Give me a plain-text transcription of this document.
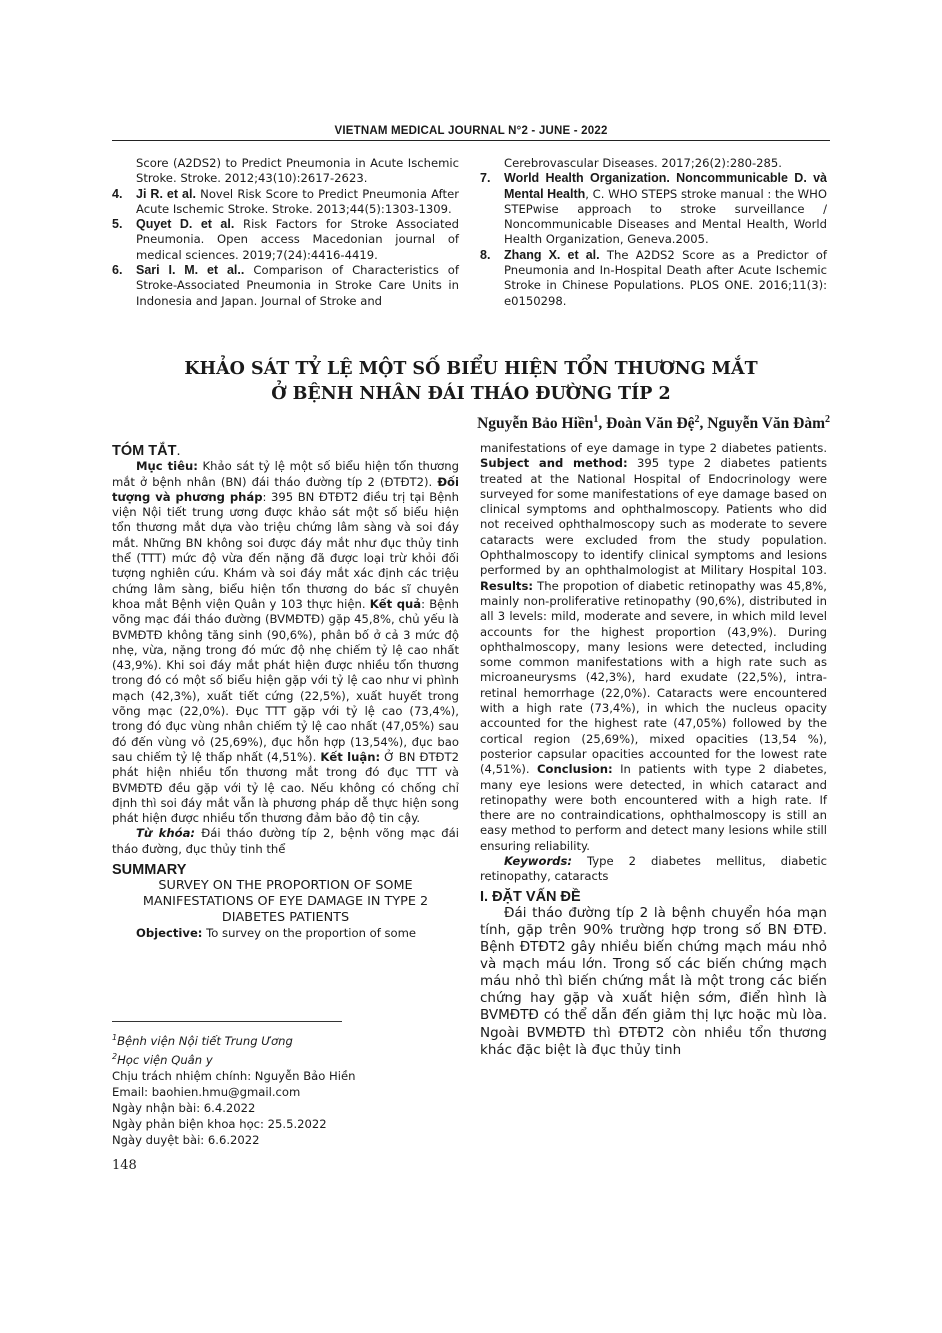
VIETNAM MEDICAL JOURNAL N°2 - JUNE - 2022
Score (A2DS2) to Predict Pneumonia in Acute Ischemic Stroke. Stroke. 2012;43(10):2617-2623.
4. Ji R. et al. Novel Risk Score to Predict Pneumonia After Acute Ischemic Stroke. Stroke. 2013;44(5):1303-1309.
5. Quyet D. et al. Risk Factors for Stroke Associated Pneumonia. Open access Macedonian journal of medical sciences. 2019;7(24):4416-4419.
6. Sari I. M. et al.. Comparison of Characteristics of Stroke-Associated Pneumonia in Stroke Care Units in Indonesia and Japan. Journal of Stroke and
Cerebrovascular Diseases. 2017;26(2):280-285.
7. World Health Organization. Noncommunicable D. và Mental Health, C. WHO STEPS stroke manual : the WHO STEPwise approach to stroke surveillance / Noncommunicable Diseases and Mental Health, World Health Organization, Geneva.2005.
8. Zhang X. et al. The A2DS2 Score as a Predictor of Pneumonia and In-Hospital Death after Acute Ischemic Stroke in Chinese Populations. PLOS ONE. 2016;11(3): e0150298.
KHẢO SÁT TỶ LỆ MỘT SỐ BIỂU HIỆN TỔN THƯƠNG MẮT
Ở BỆNH NHÂN ĐÁI THÁO ĐƯỜNG TÍP 2
Nguyễn Bảo Hiền$^1$, Đoàn Văn Đệ$^2$, Nguyễn Văn Đàm$^2$
TÓM TẮT.
Mục tiêu: Khảo sát tỷ lệ một số biểu hiện tổn thương mắt ở bệnh nhân (BN) đái tháo đường típ 2 (ĐTĐT2). Đối tượng và phương pháp: 395 BN ĐTĐT2 điều trị tại Bệnh viện Nội tiết trung ương được khảo sát một số biểu hiện tổn thương mắt dựa vào triệu chứng lâm sàng và soi đáy mắt. Những BN không soi được đáy mắt như đục thủy tinh thể (TTT) mức độ vừa đến nặng đã được loại trừ khỏi đối tượng nghiên cứu. Khám và soi đáy mắt xác định các triệu chứng lâm sàng, biểu hiện tổn thương do bác sĩ chuyên khoa mắt Bệnh viện Quân y 103 thực hiện. Kết quả: Bệnh võng mạc đái tháo đường (BVMĐTĐ) gặp 45,8%, chủ yếu là BVMĐTĐ không tăng sinh (90,6%), phân bố ở cả 3 mức độ nhẹ, vừa, nặng trong đó mức độ nhẹ chiếm tỷ lệ cao nhất (43,9%). Khi soi đáy mắt phát hiện được nhiều tổn thương trong đó có một số biểu hiện gặp với tỷ lệ cao như vi phình mạch (42,3%), xuất tiết cứng (22,5%), xuất huyết trong võng mạc (22,0%). Đục TTT gặp với tỷ lệ cao (73,4%), trong đó đục vùng nhân chiếm tỷ lệ cao nhất (47,05%) sau đó đến vùng vỏ (25,69%), đục hỗn hợp (13,54%), đục bao sau chiếm tỷ lệ thấp nhất (4,51%). Kết luận: Ở BN ĐTĐT2 phát hiện nhiều tổn thương mắt trong đó đục TTT và BVMĐTĐ đều gặp với tỷ lệ cao. Nếu không có chống chỉ định thì soi đáy mắt vẫn là phương pháp dễ thực hiện song phát hiện được nhiều tổn thương đảm bảo độ tin cậy.
Từ khóa: Đái tháo đường típ 2, bệnh võng mạc đái tháo đường, đục thủy tinh thể
SUMMARY
SURVEY ON THE PROPORTION OF SOME MANIFESTATIONS OF EYE DAMAGE IN TYPE 2 DIABETES PATIENTS
Objective: To survey on the proportion of some
manifestations of eye damage in type 2 diabetes patients. Subject and method: 395 type 2 diabetes patients treated at the National Hospital of Endocrinology were surveyed for some manifestations of eye damage based on clinical symptoms and ophthalmoscopy. Patients who did not received ophthalmoscopy such as moderate to severe cataracts were excluded from the study population. Ophthalmoscopy to identify clinical symptoms and lesions performed by an ophthalmologist at Military Hospital 103. Results: The propotion of diabetic retinopathy was 45,8%, mainly non-proliferative retinopathy (90,6%), distributed in all 3 levels: mild, moderate and severe, in which mild level accounts for the highest proportion (43,9%). During ophthalmoscopy, many lesions were detected, including some common manifestations with a high rate such as microaneurysms (42,3%), hard exudate (22,5%), intra-retinal hemorrhage (22,0%). Cataracts were encountered with a high rate (73,4%), in which the nucleus opacity accounted for the highest rate (47,05%) followed by the cortical region (25,69%), mixed opacities (13,54 %), posterior capsular opacities accounted for the lowest rate (4,51%). Conclusion: In patients with type 2 diabetes, many eye lesions were detected, in which cataract and retinopathy were both encountered with a high rate. If there are no contraindications, ophthalmoscopy is still an easy method to perform and detect many lesions while still ensuring reliability.
Keywords: Type 2 diabetes mellitus, diabetic retinopathy, cataracts
I. ĐẶT VẤN ĐỀ
Đái tháo đường típ 2 là bệnh chuyển hóa mạn tính, gặp trên 90% trường hợp trong số BN ĐTĐ. Bệnh ĐTĐT2 gây nhiều biến chứng mạch máu nhỏ và mạch máu lớn. Trong số các biến chứng mạch máu nhỏ thì biến chứng mắt là một trong các biến chứng hay gặp và xuất hiện sớm, điển hình là BVMĐTĐ có thể dẫn đến giảm thị lực hoặc mù lòa. Ngoài BVMĐTĐ thì ĐTĐT2 còn nhiều tổn thương khác đặc biệt là đục thủy tinh
$^1$Bệnh viện Nội tiết Trung Ương
$^2$Học viện Quân y
Chịu trách nhiệm chính: Nguyễn Bảo Hiền
Email: baohien.hmu@gmail.com
Ngày nhận bài: 6.4.2022
Ngày phản biện khoa học: 25.5.2022
Ngày duyệt bài: 6.6.2022
148
